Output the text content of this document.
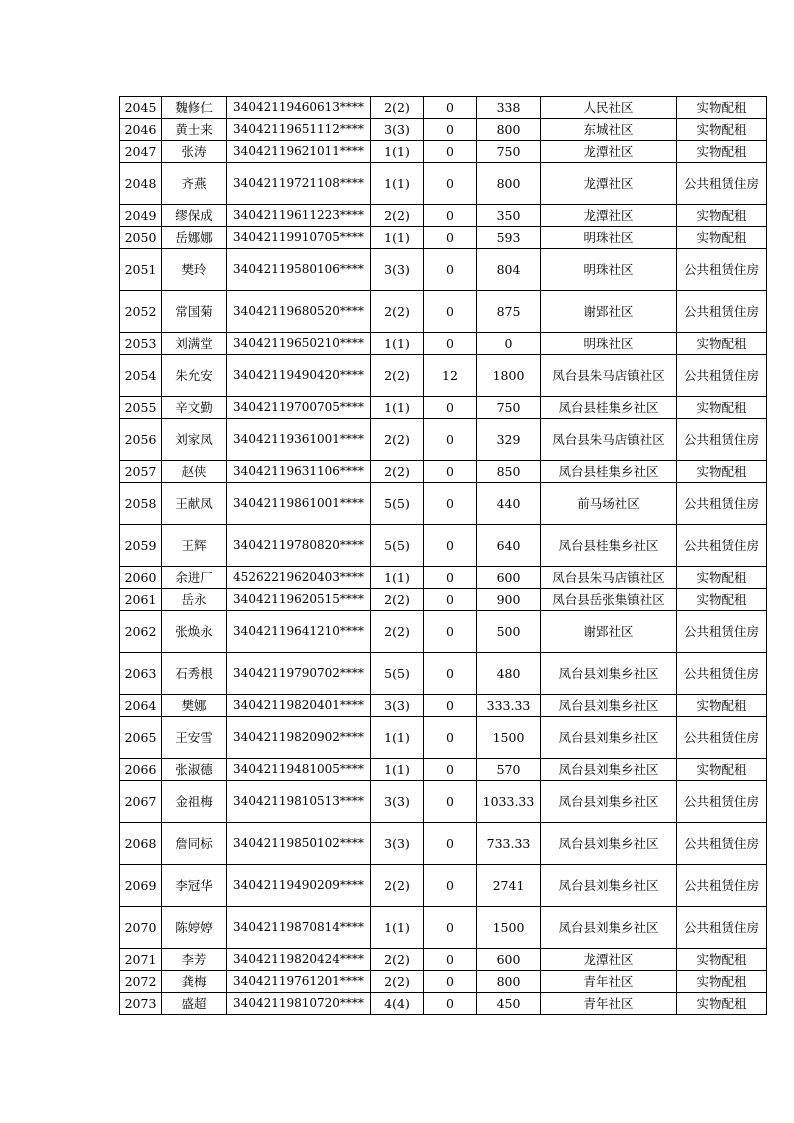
2045	魏修仁	34042119460613****	2(2)	0	338	人民社区	实物配租
2046	黄士来	34042119651112****	3(3)	0	800	东城社区	实物配租
2047	张涛	34042119621011****	1(1)	0	750	龙潭社区	实物配租
2048	齐燕	34042119721108****	1(1)	0	800	龙潭社区	公共租赁住房
2049	缪保成	34042119611223****	2(2)	0	350	龙潭社区	实物配租
2050	岳娜娜	34042119910705****	1(1)	0	593	明珠社区	实物配租
2051	樊玲	34042119580106****	3(3)	0	804	明珠社区	公共租赁住房
2052	常国菊	34042119680520****	2(2)	0	875	谢郢社区	公共租赁住房
2053	刘满堂	34042119650210****	1(1)	0	0	明珠社区	实物配租
2054	朱允安	34042119490420****	2(2)	12	1800	凤台县朱马店镇社区	公共租赁住房
2055	辛文勤	34042119700705****	1(1)	0	750	凤台县桂集乡社区	实物配租
2056	刘家凤	34042119361001****	2(2)	0	329	凤台县朱马店镇社区	公共租赁住房
2057	赵侠	34042119631106****	2(2)	0	850	凤台县桂集乡社区	实物配租
2058	王献凤	34042119861001****	5(5)	0	440	前马场社区	公共租赁住房
2059	王辉	34042119780820****	5(5)	0	640	凤台县桂集乡社区	公共租赁住房
2060	余进厂	45262219620403****	1(1)	0	600	凤台县朱马店镇社区	实物配租
2061	岳永	34042119620515****	2(2)	0	900	凤台县岳张集镇社区	实物配租
2062	张焕永	34042119641210****	2(2)	0	500	谢郢社区	公共租赁住房
2063	石秀根	34042119790702****	5(5)	0	480	凤台县刘集乡社区	公共租赁住房
2064	樊娜	34042119820401****	3(3)	0	333.33	凤台县刘集乡社区	实物配租
2065	王安雪	34042119820902****	1(1)	0	1500	凤台县刘集乡社区	公共租赁住房
2066	张淑德	34042119481005****	1(1)	0	570	凤台县刘集乡社区	实物配租
2067	金祖梅	34042119810513****	3(3)	0	1033.33	凤台县刘集乡社区	公共租赁住房
2068	詹同标	34042119850102****	3(3)	0	733.33	凤台县刘集乡社区	公共租赁住房
2069	李冠华	34042119490209****	2(2)	0	2741	凤台县刘集乡社区	公共租赁住房
2070	陈婷婷	34042119870814****	1(1)	0	1500	凤台县刘集乡社区	公共租赁住房
2071	李芳	34042119820424****	2(2)	0	600	龙潭社区	实物配租
2072	龚梅	34042119761201****	2(2)	0	800	青年社区	实物配租
2073	盛超	34042119810720****	4(4)	0	450	青年社区	实物配租
